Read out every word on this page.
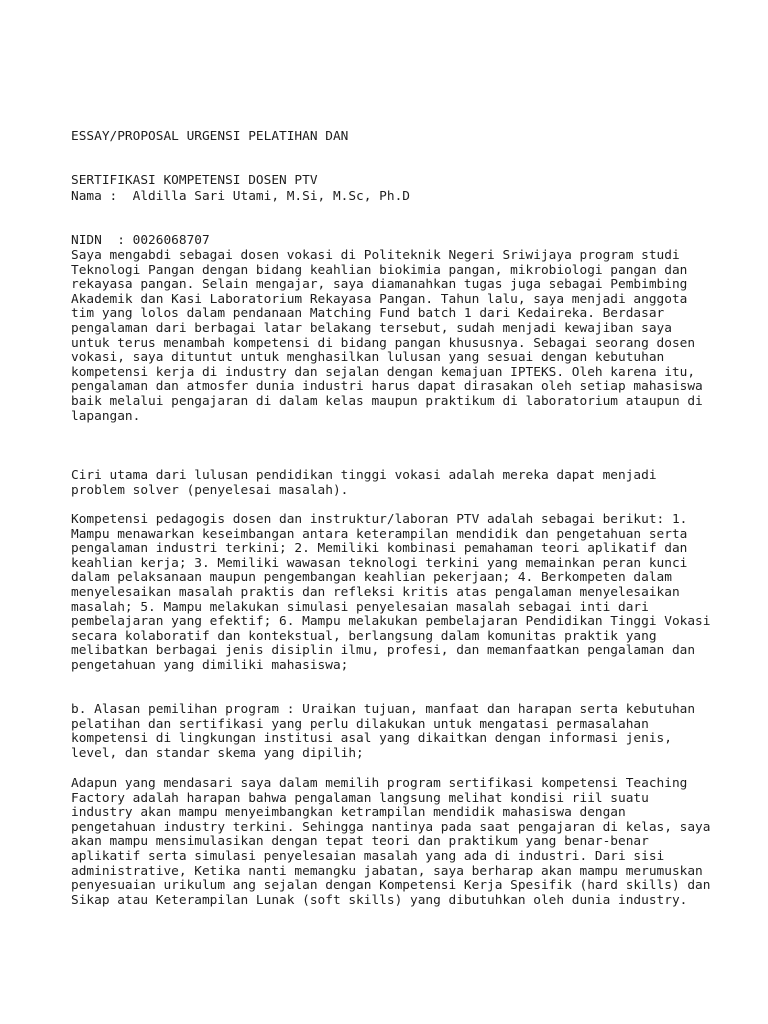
ESSAY/PROPOSAL URGENSI PELATIHAN DAN

SERTIFIKASI KOMPETENSI DOSEN PTV

Nama :  Aldilla Sari Utami, M.Si, M.Sc, Ph.D

NIDN  : 0026068707

Saya mengabdi sebagai dosen vokasi di Politeknik Negeri Sriwijaya program studi
Teknologi Pangan dengan bidang keahlian biokimia pangan, mikrobiologi pangan dan
rekayasa pangan. Selain mengajar, saya diamanahkan tugas juga sebagai Pembimbing
Akademik dan Kasi Laboratorium Rekayasa Pangan. Tahun lalu, saya menjadi anggota
tim yang lolos dalam pendanaan Matching Fund batch 1 dari Kedaireka. Berdasar
pengalaman dari berbagai latar belakang tersebut, sudah menjadi kewajiban saya
untuk terus menambah kompetensi di bidang pangan khususnya. Sebagai seorang dosen
vokasi, saya dituntut untuk menghasilkan lulusan yang sesuai dengan kebutuhan
kompetensi kerja di industry dan sejalan dengan kemajuan IPTEKS. Oleh karena itu,
pengalaman dan atmosfer dunia industri harus dapat dirasakan oleh setiap mahasiswa
baik melalui pengajaran di dalam kelas maupun praktikum di laboratorium ataupun di
lapangan.
Ciri utama dari lulusan pendidikan tinggi vokasi adalah mereka dapat menjadi
problem solver (penyelesai masalah).
Kompetensi pedagogis dosen dan instruktur/laboran PTV adalah sebagai berikut: 1.
Mampu menawarkan keseimbangan antara keterampilan mendidik dan pengetahuan serta
pengalaman industri terkini; 2. Memiliki kombinasi pemahaman teori aplikatif dan
keahlian kerja; 3. Memiliki wawasan teknologi terkini yang memainkan peran kunci
dalam pelaksanaan maupun pengembangan keahlian pekerjaan; 4. Berkompeten dalam
menyelesaikan masalah praktis dan refleksi kritis atas pengalaman menyelesaikan
masalah; 5. Mampu melakukan simulasi penyelesaian masalah sebagai inti dari
pembelajaran yang efektif; 6. Mampu melakukan pembelajaran Pendidikan Tinggi Vokasi
secara kolaboratif dan kontekstual, berlangsung dalam komunitas praktik yang
melibatkan berbagai jenis disiplin ilmu, profesi, dan memanfaatkan pengalaman dan
pengetahuan yang dimiliki mahasiswa;
b. Alasan pemilihan program : Uraikan tujuan, manfaat dan harapan serta kebutuhan
pelatihan dan sertifikasi yang perlu dilakukan untuk mengatasi permasalahan
kompetensi di lingkungan institusi asal yang dikaitkan dengan informasi jenis,
level, dan standar skema yang dipilih;
Adapun yang mendasari saya dalam memilih program sertifikasi kompetensi Teaching
Factory adalah harapan bahwa pengalaman langsung melihat kondisi riil suatu
industry akan mampu menyeimbangkan ketrampilan mendidik mahasiswa dengan
pengetahuan industry terkini. Sehingga nantinya pada saat pengajaran di kelas, saya
akan mampu mensimulasikan dengan tepat teori dan praktikum yang benar-benar
aplikatif serta simulasi penyelesaian masalah yang ada di industri. Dari sisi
administrative, Ketika nanti memangku jabatan, saya berharap akan mampu merumuskan
penyesuaian urikulum ang sejalan dengan Kompetensi Kerja Spesifik (hard skills) dan
Sikap atau Keterampilan Lunak (soft skills) yang dibutuhkan oleh dunia industry.
